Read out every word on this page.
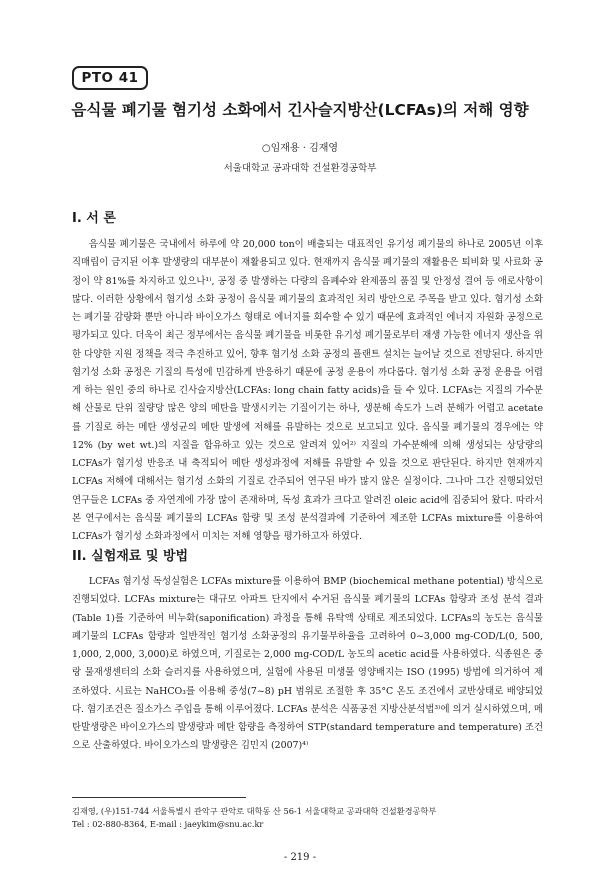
PTO 41
음식물 폐기물 혐기성 소화에서 긴사슬지방산(LCFAs)의 저해 영향
○임재용 · 김재영
서울대학교 공과대학 건설환경공학부
I. 서 론

음식물 폐기물은 국내에서 하루에 약 20,000 ton이 배출되는 대표적인 유기성 폐기물의 하나로 2005년 이후 직매립이 금지된 이후 발생량의 대부분이 재활용되고 있다. 현재까지 음식물 폐기물의 재활용은 퇴비화 및 사료화 공정이 약 81%를 차지하고 있으나¹⁾, 공정 중 발생하는 다량의 음폐수와 완제품의 품질 및 안정성 결여 등 애로사항이 많다. 이러한 상황에서 혐기성 소화 공정이 음식물 폐기물의 효과적인 처리 방안으로 주목을 받고 있다. 혐기성 소화는 폐기물 감량화 뿐만 아니라 바이오가스 형태로 에너지를 회수할 수 있기 때문에 효과적인 에너지 자원화 공정으로 평가되고 있다. 더욱이 최근 정부에서는 음식물 폐기물을 비롯한 유기성 폐기물로부터 재생 가능한 에너지 생산을 위한 다양한 지원 정책을 적극 추진하고 있어, 향후 혐기성 소화 공정의 플랜트 설치는 늘어날 것으로 전망된다. 하지만 혐기성 소화 공정은 기질의 특성에 민감하게 반응하기 때문에 공정 운용이 까다롭다. 혐기성 소화 공정 운용을 어렵게 하는 원인 중의 하나로 긴사슬지방산(LCFAs: long chain fatty acids)을 들 수 있다. LCFAs는 지질의 가수분해 산물로 단위 질량당 많은 양의 메탄을 발생시키는 기질이기는 하나, 생분해 속도가 느려 분해가 어렵고 acetate를 기질로 하는 메탄 생성균의 메탄 발생에 저해를 유발하는 것으로 보고되고 있다. 음식물 폐기물의 경우에는 약 12% (by wet wt.)의 지질을 함유하고 있는 것으로 알려져 있어²⁾ 지질의 가수분해에 의해 생성되는 상당량의 LCFAs가 혐기성 반응조 내 축적되어 메탄 생성과정에 저해를 유발할 수 있을 것으로 판단된다. 하지만 현재까지 LCFAs 저해에 대해서는 혐기성 소화의 기질로 간주되어 연구된 바가 많지 않은 실정이다. 그나마 그간 진행되었던 연구들은 LCFAs 중 자연계에 가장 많이 존재하며, 독성 효과가 크다고 알려진 oleic acid에 집중되어 왔다. 따라서 본 연구에서는 음식물 폐기물의 LCFAs 함량 및 조성 분석결과에 기준하여 제조한 LCFAs mixture를 이용하여 LCFAs가 혐기성 소화과정에서 미치는 저해 영향을 평가하고자 하였다.

II. 실험재료 및 방법

LCFAs 혐기성 독성실험은 LCFAs mixture를 이용하여 BMP (biochemical methane potential) 방식으로 진행되었다. LCFAs mixture는 대규모 아파트 단지에서 수거된 음식물 폐기물의 LCFAs 함량과 조성 분석 결과(Table 1)를 기준하여 비누화(saponification) 과정을 통해 유탁액 상태로 제조되었다. LCFAs의 농도는 음식물 폐기물의 LCFAs 함량과 일반적인 혐기성 소화공정의 유기물부하율을 고려하여 0~3,000 mg-COD/L(0, 500, 1,000, 2,000, 3,000)로 하였으며, 기질로는 2,000 mg-COD/L 농도의 acetic acid를 사용하였다. 식종원은 중랑 물재생센터의 소화 슬러지를 사용하였으며, 실험에 사용된 미생물 영양배지는 ISO (1995) 방법에 의거하여 제조하였다. 시료는 NaHCO₃를 이용해 중성(7~8) pH 범위로 조절한 후 35°C 온도 조건에서 교반상태로 배양되었다. 혐기조건은 질소가스 주입을 통해 이루어졌다. LCFAs 분석은 식품공전 지방산분석법³⁾에 의거 실시하였으며, 메탄발생량은 바이오가스의 발생량과 메탄 함량을 측정하여 STP(standard temperature and temperature) 조건으로 산출하였다. 바이오가스의 발생량은 김민지 (2007)⁴⁾

김재영, (우)151-744 서울특별시 관악구 관악로 대학동 산 56-1 서울대학교 공과대학 건설환경공학부
Tel : 02-880-8364, E-mail : jaeykim@snu.ac.kr
- 219 -
